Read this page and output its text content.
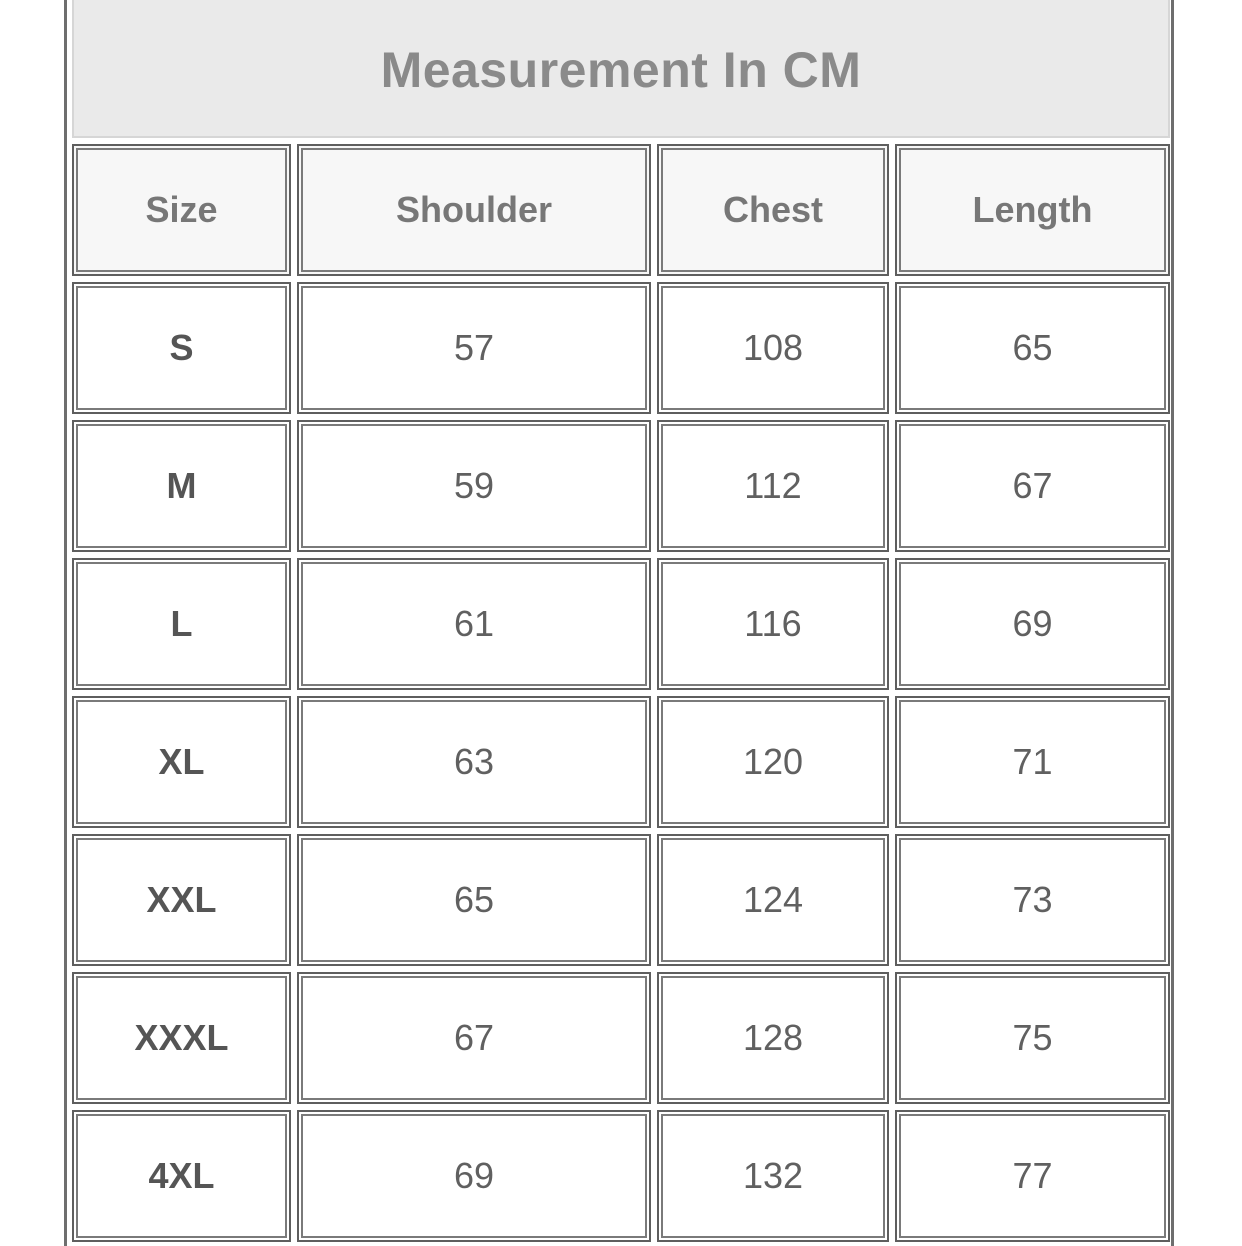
Measurement In CM
Size	Shoulder	Chest	Length
S	57	108	65
M	59	112	67
L	61	116	69
XL	63	120	71
XXL	65	124	73
XXXL	67	128	75
4XL	69	132	77
